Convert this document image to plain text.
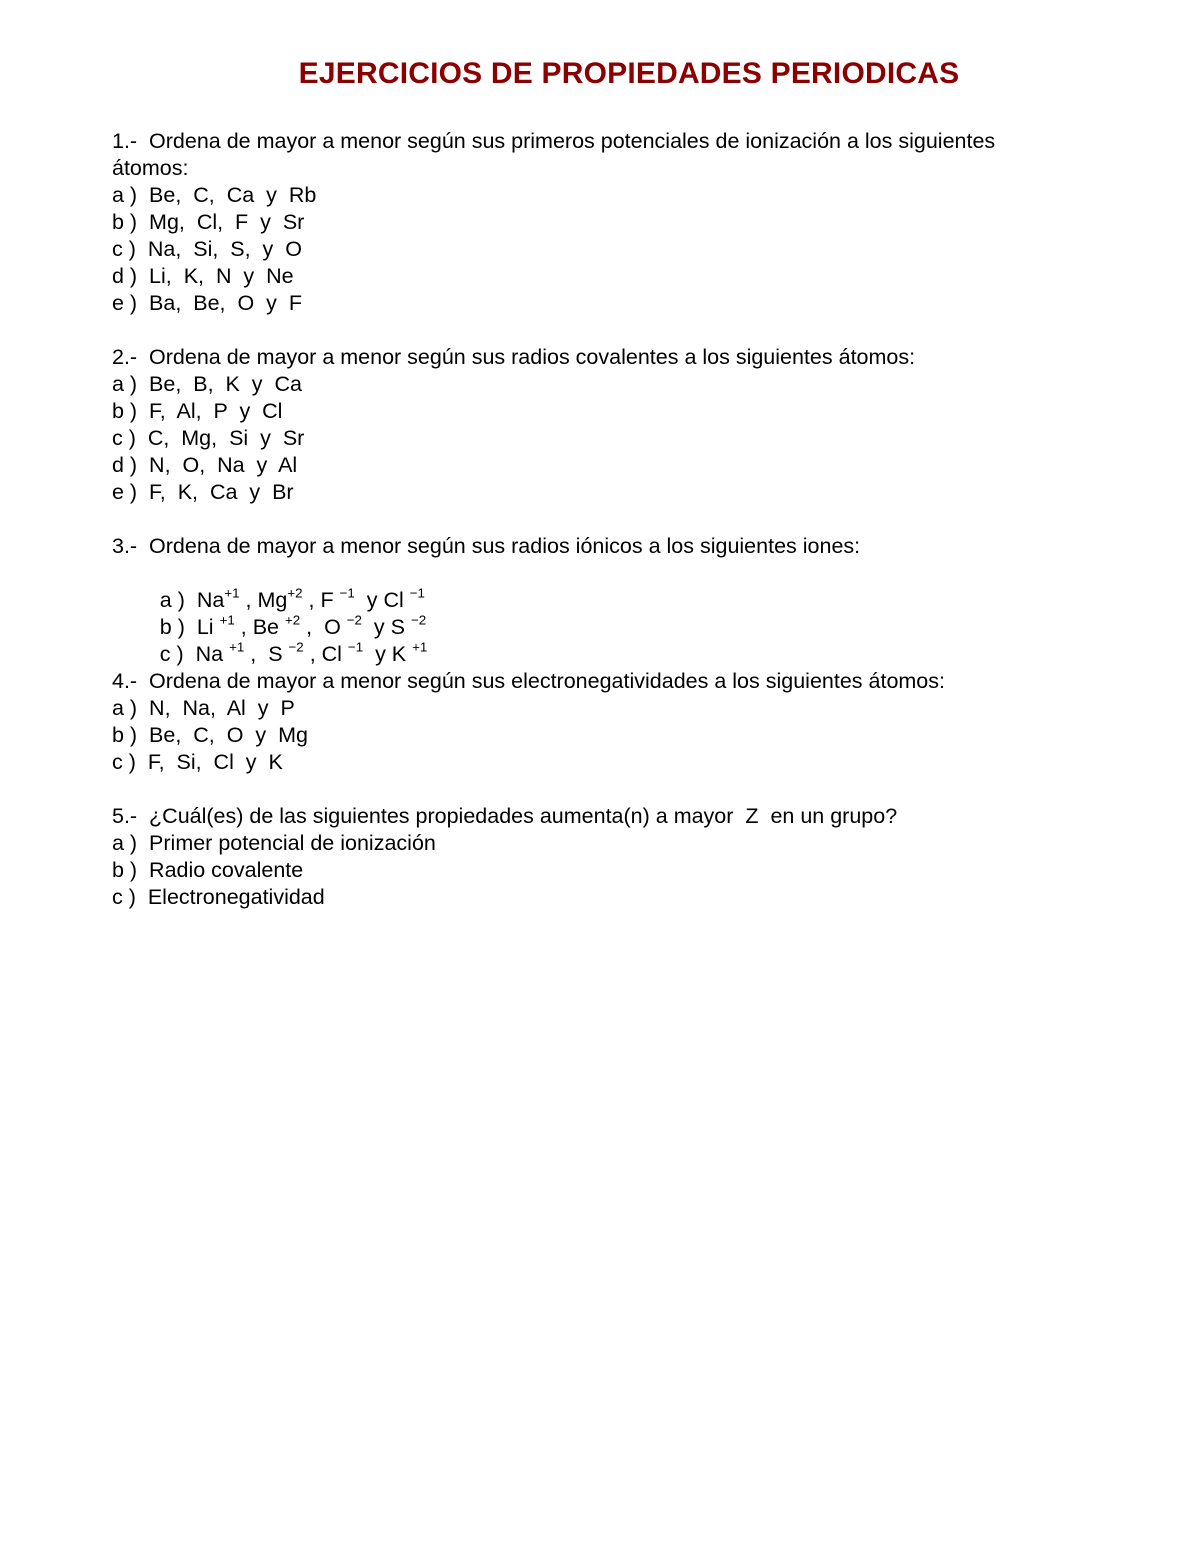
EJERCICIOS DE PROPIEDADES PERIODICAS
1.-  Ordena de mayor a menor según sus primeros potenciales de ionización a los siguientes
átomos:
a )  Be,  C,  Ca  y  Rb
b )  Mg,  Cl,  F  y  Sr
c )  Na,  Si,  S,  y  O
d )  Li,  K,  N  y  Ne
e )  Ba,  Be,  O  y  F
2.-  Ordena de mayor a menor según sus radios covalentes a los siguientes átomos:
a )  Be,  B,  K  y  Ca
b )  F,  Al,  P  y  Cl
c )  C,  Mg,  Si  y  Sr
d )  N,  O,  Na  y  Al
e )  F,  K,  Ca  y  Br
3.-  Ordena de mayor a menor según sus radios iónicos a los siguientes iones:

a )  $Na^{+1}$ , $Mg^{+2}$ , F $^{-1}$  y Cl $^{-1}$

b )  Li $^{+1}$ , Be $^{+2}$ ,  O $^{-2}$  y S $^{-2}$

c )  Na $^{+1}$ ,  S $^{-2}$ , Cl $^{-1}$  y K $^{+1}$

4.-  Ordena de mayor a menor según sus electronegatividades a los siguientes átomos:
a )  N,  Na,  Al  y  P
b )  Be,  C,  O  y  Mg
c )  F,  Si,  Cl  y  K
5.-  ¿Cuál(es) de las siguientes propiedades aumenta(n) a mayor  Z  en un grupo?
a )  Primer potencial de ionización
b )  Radio covalente
c )  Electronegatividad
